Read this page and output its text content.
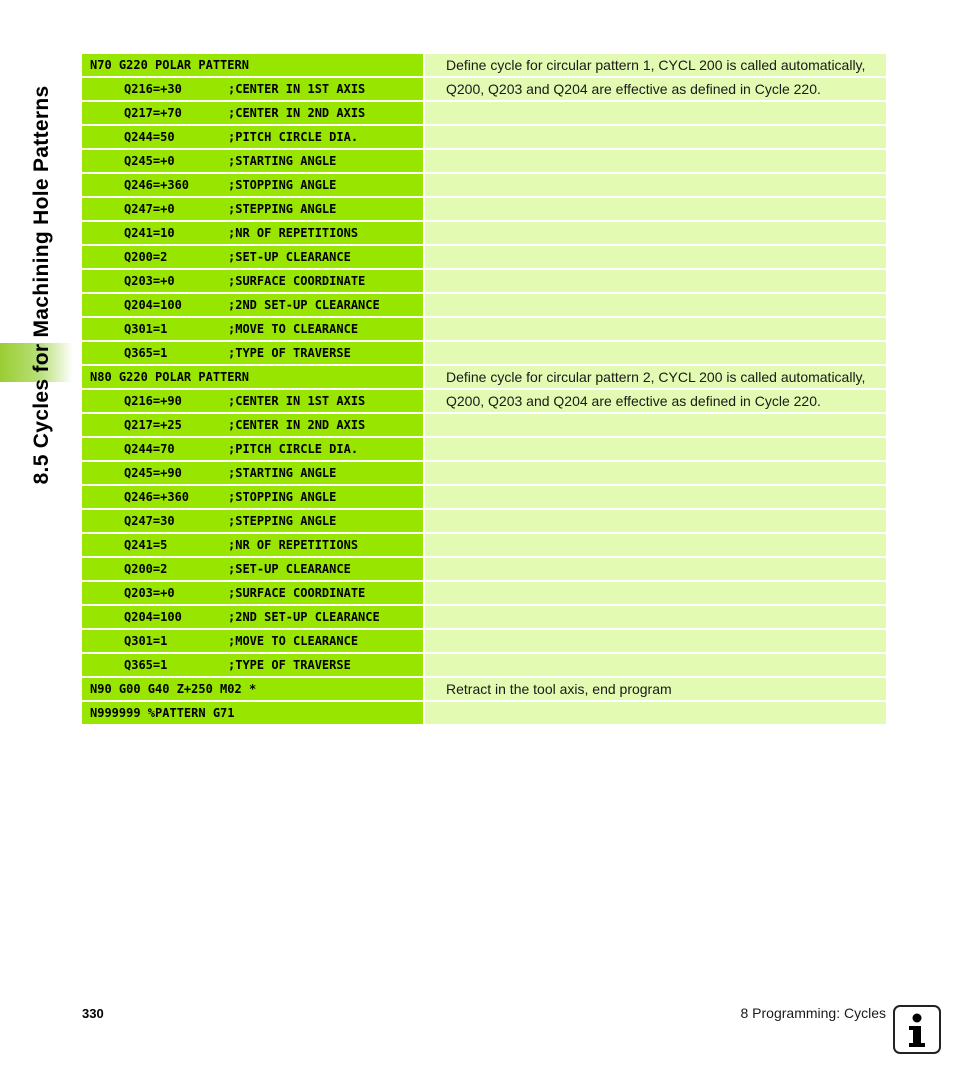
8.5 Cycles for Machining Hole Patterns
N70 G220 POLAR PATTERN	Define cycle for circular pattern 1, CYCL 200 is called automatically,
Q216=+30	;CENTER IN 1ST AXIS	Q200, Q203 and Q204 are effective as defined in Cycle 220.
Q217=+70	;CENTER IN 2ND AXIS
Q244=50	;PITCH CIRCLE DIA.
Q245=+0	;STARTING ANGLE
Q246=+360	;STOPPING ANGLE
Q247=+0	;STEPPING ANGLE
Q241=10	;NR OF REPETITIONS
Q200=2	;SET-UP CLEARANCE
Q203=+0	;SURFACE COORDINATE
Q204=100	;2ND SET-UP CLEARANCE
Q301=1	;MOVE TO CLEARANCE
Q365=1	;TYPE OF TRAVERSE
N80 G220 POLAR PATTERN	Define cycle for circular pattern 2, CYCL 200 is called automatically,
Q216=+90	;CENTER IN 1ST AXIS	Q200, Q203 and Q204 are effective as defined in Cycle 220.
Q217=+25	;CENTER IN 2ND AXIS
Q244=70	;PITCH CIRCLE DIA.
Q245=+90	;STARTING ANGLE
Q246=+360	;STOPPING ANGLE
Q247=30	;STEPPING ANGLE
Q241=5	;NR OF REPETITIONS
Q200=2	;SET-UP CLEARANCE
Q203=+0	;SURFACE COORDINATE
Q204=100	;2ND SET-UP CLEARANCE
Q301=1	;MOVE TO CLEARANCE
Q365=1	;TYPE OF TRAVERSE
N90 G00 G40 Z+250 M02 *	Retract in the tool axis, end program
N999999 %PATTERN G71
330	8 Programming: Cycles
